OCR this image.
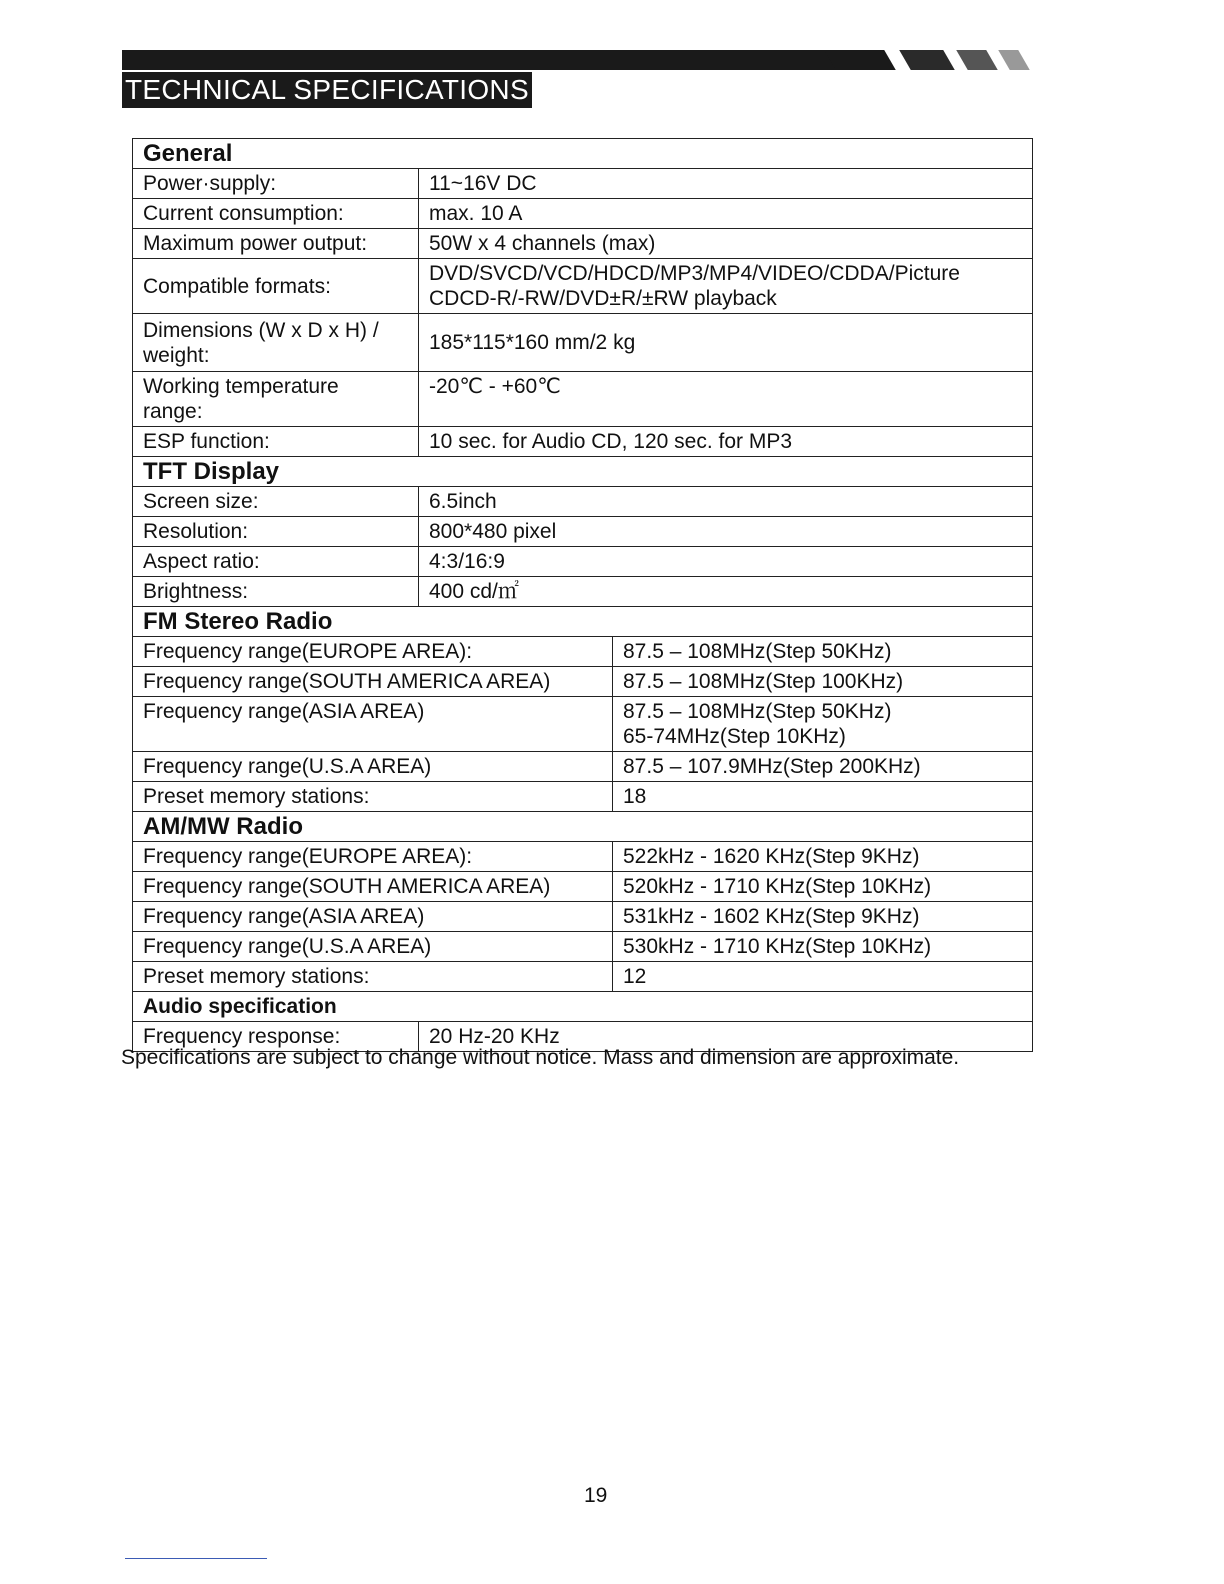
TECHNICAL SPECIFICATIONS
General		
Power·supply:	11~16V DC	
Current consumption:	max. 10 A	
Maximum power output:	50W x 4 channels (max)	
Compatible formats:	DVD/SVCD/VCD/HDCD/MP3/MP4/VIDEO/CDDA/Picture
CDCD-R/-RW/DVD±R/±RW playback	

Dimensions (W x D x H) /
weight:	185*115*160 mm/2 kg	

Working temperature
range:	-20℃ - +60℃	
ESP function:	10 sec. for Audio CD, 120 sec. for MP3	
TFT Display		
Screen size:	6.5inch	
Resolution:	800*480 pixel	
Aspect ratio:	4:3/16:9	
Brightness:	400 cd/㎡	
FM Stereo Radio		
Frequency range(EUROPE AREA):		87.5 – 108MHz(Step 50KHz)
Frequency range(SOUTH AMERICA AREA)		87.5 – 108MHz(Step 100KHz)
Frequency range(ASIA AREA)		87.5 – 108MHz(Step 50KHz)
65-74MHz(Step 10KHz)

Frequency range(U.S.A AREA)		87.5 – 107.9MHz(Step 200KHz)
Preset memory stations:		18
AM/MW Radio		
Frequency range(EUROPE AREA):		522kHz - 1620 KHz(Step 9KHz)
Frequency range(SOUTH AMERICA AREA)		520kHz - 1710 KHz(Step 10KHz)
Frequency range(ASIA AREA)		531kHz - 1602 KHz(Step 9KHz)
Frequency range(U.S.A AREA)		530kHz - 1710 KHz(Step 10KHz)
Preset memory stations:		12
Audio specification		
Frequency response:	20 Hz-20 KHz	
Specifications are subject to change without notice. Mass and dimension are approximate.
19
